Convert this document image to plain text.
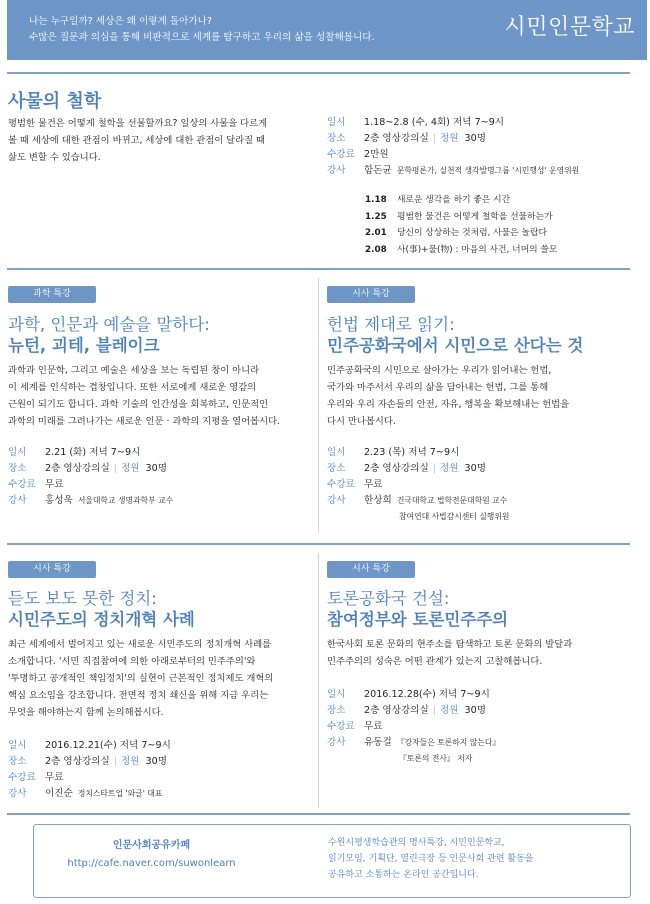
나는 누구일까? 세상은 왜 이렇게 돌아가나?
수많은 질문과 의심을 통해 비판적으로 세계를 탐구하고 우리의 삶을 성찰해봅니다.	시민인문학교
사물의 철학
평범한 물건은 어떻게 철학을 선물할까요? 일상의 사물을 다르게
볼 때 세상에 대한 관점이 바뀌고, 세상에 대한 관점이 달라질 때
삶도 변할 수 있습니다.
일시	1.18~2.8 (수, 4회) 저녁 7~9시
장소	2층 영상강의실 | 정원 30명
수강료 2만원
강사	함돈균 문학평론가, 실천적 생각발명그룹 '시민행성' 운영위원
1.18	새로운 생각을 하기 좋은 시간
1.25	평범한 물건은 어떻게 철학을 선물하는가
2.01	당신이 상상하는 것처럼, 사물은 놀랍다
2.08	사(事)+물(物) : 마음의 사건, 너머의 쓸모
과학 특강
과학, 인문과 예술을 말하다:
뉴턴, 괴테, 블레이크
과학과 인문학, 그리고 예술은 세상을 보는 독립된 창이 아니라
이 세계를 인식하는 겹창입니다. 또한 서로에게 새로운 영감의
근원이 되기도 합니다. 과학 기술의 인간성을 회복하고, 인문적인
과학의 미래를 그려나가는 새로운 인문 · 과학의 지평을 열어봅시다.
일시	2.21 (화) 저녁 7~9시
장소	2층 영상강의실 | 정원 30명
수강료 무료
강사	홍성욱 서울대학교 생명과학부 교수
시사 특강
헌법 제대로 읽기:
민주공화국에서 시민으로 산다는 것
민주공화국의 시민으로 살아가는 우리가 읽어내는 헌법,
국가와 마주서서 우리의 삶을 담아내는 헌법, 그를 통해
우리와 우리 자손들의 안전, 자유, 행복을 확보해내는 헌법을
다시 만나봅시다.
일시	2.23 (목) 저녁 7~9시
장소	2층 영상강의실 | 정원 30명
수강료 무료
강사	한상희 건국대학교 법학전문대학원 교수
참여연대 사법감시센터 실행위원
시사 특강
듣도 보도 못한 정치:
시민주도의 정치개혁 사례
최근 세계에서 벌어지고 있는 새로운 시민주도의 정치개혁 사례를
소개합니다. '시민 직접참여에 의한 아래로부터의 민주주의'와
'투명하고 공개적인 책임정치'의 실현이 근본적인 정치제도 개혁의
핵심 요소임을 강조합니다. 전면적 정치 쇄신을 위해 지금 우리는
무엇을 해야하는지 함께 논의해봅시다.
일시	2016.12.21(수) 저녁 7~9시
장소	2층 영상강의실 | 정원 30명
수강료 무료
강사	이진순 정치스타트업 '와글' 대표
시사 특강
토론공화국 건설:
참여정부와 토론민주주의
한국사회 토론 문화의 현주소를 탐색하고 토론 문화의 발달과
민주주의의 성숙은 어떤 관계가 있는지 고찰해봅니다.
일시	2016.12.28(수) 저녁 7~9시
장소	2층 영상강의실 | 정원 30명
수강료 무료
강사	유동걸 『강자들은 토론하지 않는다』
『토론의 전사』 저자
인문사회공유카페
http://cafe.naver.com/suwonlearn
수원시평생학습관의 명사특강, 시민인문학교,
읽기모임, 기획단, 열린극장 등 인문사회 관련 활동을
공유하고 소통하는 온라인 공간입니다.
